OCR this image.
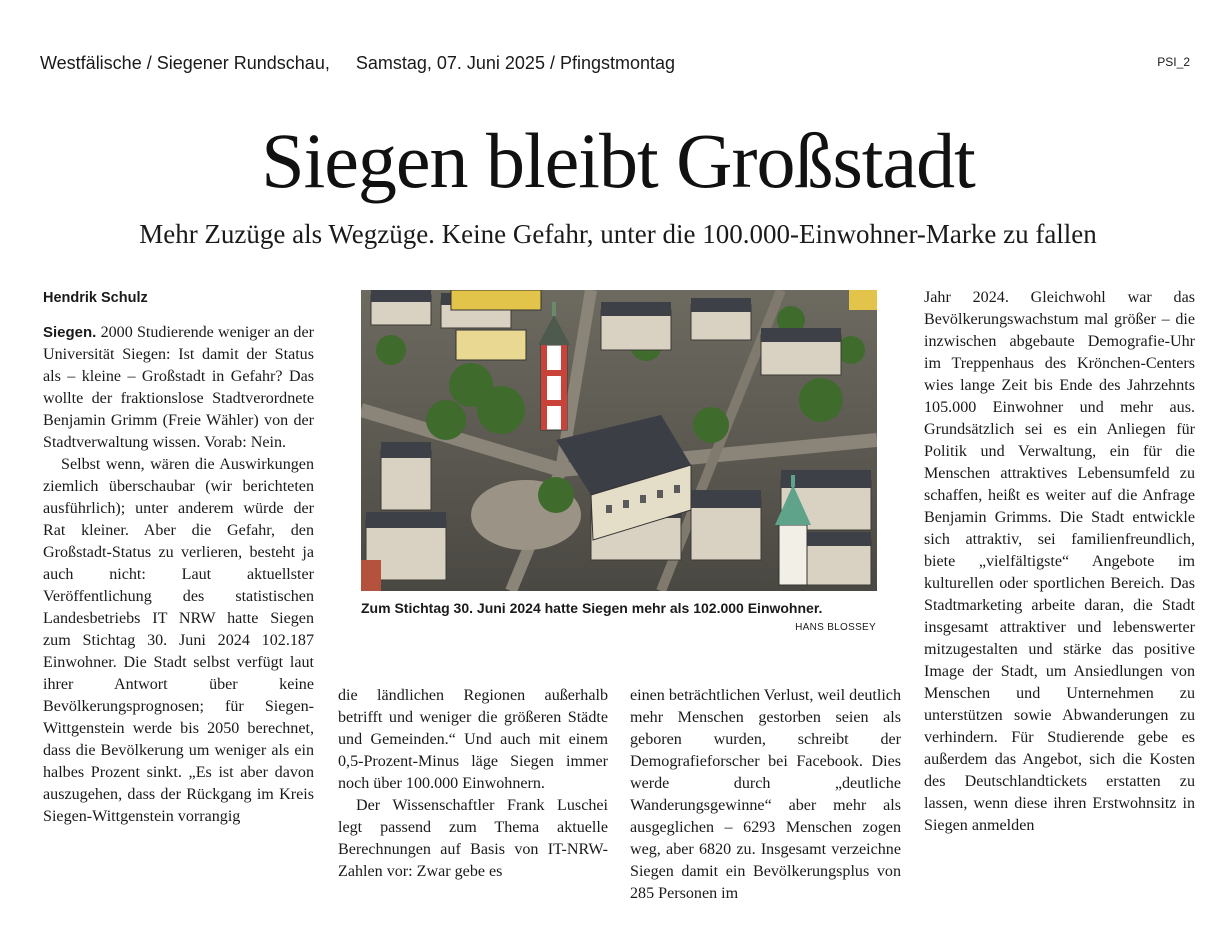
Westfälische / Siegener Rundschau, Samstag, 07. Juni 2025 / Pfingstmontag	PSI_2
Siegen bleibt Großstadt
Mehr Zuzüge als Wegzüge. Keine Gefahr, unter die 100.000-Einwohner-Marke zu fallen

Hendrik Schulz

Siegen. 2000 Studierende weniger an der Universität Siegen: Ist damit der Status als – kleine – Großstadt in Gefahr? Das wollte der fraktionslose Stadtverordnete Benjamin Grimm (Freie Wähler) von der Stadtverwaltung wissen. Vorab: Nein.

Selbst wenn, wären die Auswirkungen ziemlich überschaubar (wir berichteten ausführlich); unter anderem würde der Rat kleiner. Aber die Gefahr, den Großstadt-Status zu verlieren, besteht ja auch nicht: Laut aktuellster Veröffentlichung des statistischen Landesbetriebs IT NRW hatte Siegen zum Stichtag 30. Juni 2024 102.187 Einwohner. Die Stadt selbst verfügt laut ihrer Antwort über keine Bevölkerungsprognosen; für Siegen-Wittgenstein werde bis 2050 berechnet, dass die Bevölkerung um weniger als ein halbes Prozent sinkt. „Es ist aber davon auszugehen, dass der Rückgang im Kreis Siegen-Wittgenstein vorrangig

Zum Stichtag 30. Juni 2024 hatte Siegen mehr als 102.000 Einwohner.
HANS BLOSSEY

die ländlichen Regionen außerhalb betrifft und weniger die größeren Städte und Gemeinden.“ Und auch mit einem 0,5-Prozent-Minus läge Siegen immer noch über 100.000 Einwohnern.

Der Wissenschaftler Frank Luschei legt passend zum Thema aktuelle Berechnungen auf Basis von IT-NRW-Zahlen vor: Zwar gebe es

einen beträchtlichen Verlust, weil deutlich mehr Menschen gestorben seien als geboren wurden, schreibt der Demografieforscher bei Facebook. Dies werde durch „deutliche Wanderungsgewinne“ aber mehr als ausgeglichen – 6293 Menschen zogen weg, aber 6820 zu. Insgesamt verzeichne Siegen damit ein Bevölkerungsplus von 285 Personen im

Jahr 2024. Gleichwohl war das Bevölkerungswachstum mal größer – die inzwischen abgebaute Demografie-Uhr im Treppenhaus des Krönchen-Centers wies lange Zeit bis Ende des Jahrzehnts 105.000 Einwohner und mehr aus. Grundsätzlich sei es ein Anliegen für Politik und Verwaltung, ein für die Menschen attraktives Lebensumfeld zu schaffen, heißt es weiter auf die Anfrage Benjamin Grimms. Die Stadt entwickle sich attraktiv, sei familienfreundlich, biete „vielfältigste“ Angebote im kulturellen oder sportlichen Bereich. Das Stadtmarketing arbeite daran, die Stadt insgesamt attraktiver und lebenswerter mitzugestalten und stärke das positive Image der Stadt, um Ansiedlungen von Menschen und Unternehmen zu unterstützen sowie Abwanderungen zu verhindern. Für Studierende gebe es außerdem das Angebot, sich die Kosten des Deutschlandtickets erstatten zu lassen, wenn diese ihren Erstwohnsitz in Siegen anmelden
